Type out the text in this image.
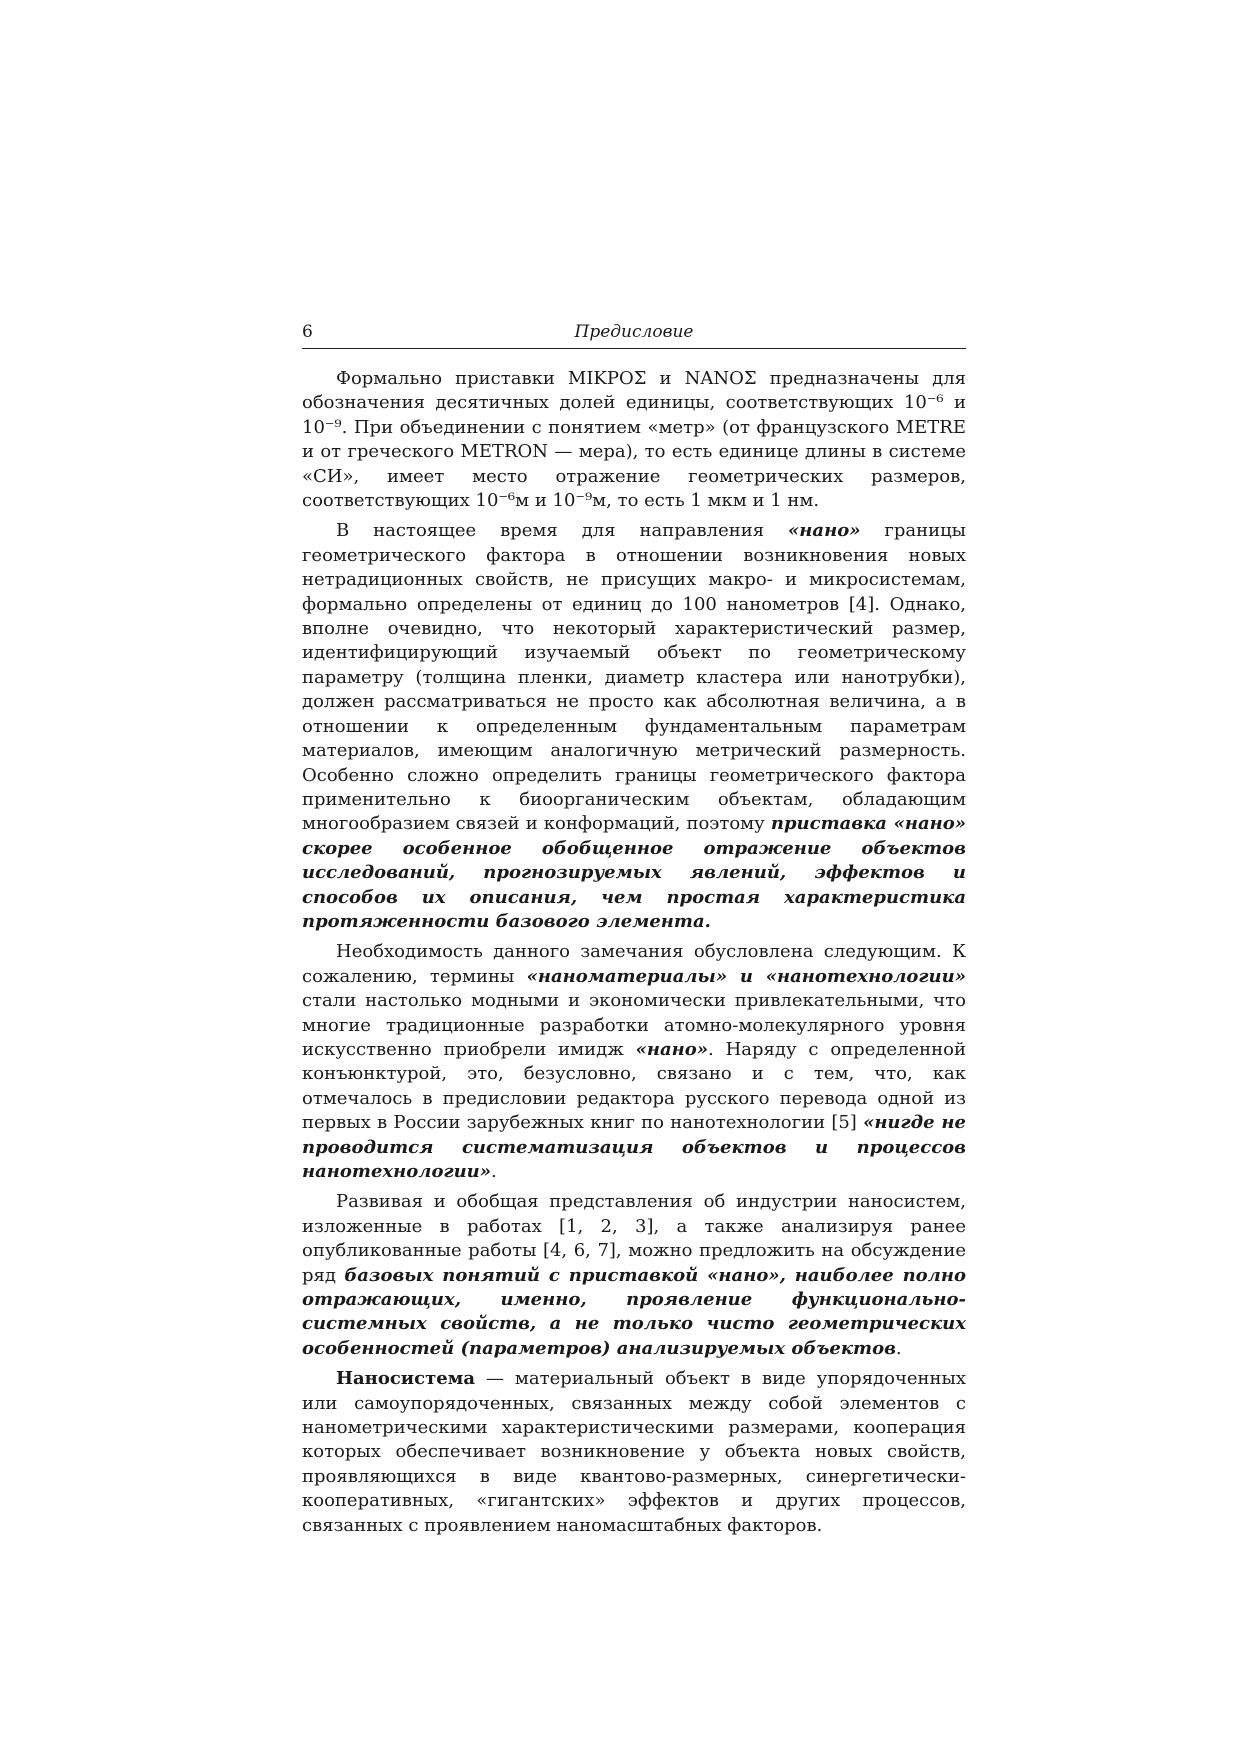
6	Предисловие

Формально приставки ΜΙΚΡΟΣ и ΝΑΝΟΣ предназначены для обозначения десятичных долей единицы, соответствующих 10⁻⁶ и 10⁻⁹. При объединении с понятием «метр» (от французского METRE и от греческого METRON — мера), то есть единице длины в системе «СИ», имеет место отражение геометрических размеров, соответствующих 10⁻⁶м и 10⁻⁹м, то есть 1 мкм и 1 нм.

В настоящее время для направления «нано» границы геометрического фактора в отношении возникновения новых нетрадиционных свойств, не присущих макро- и микросистемам, формально определены от единиц до 100 нанометров [4]. Однако, вполне очевидно, что некоторый характеристический размер, идентифицирующий изучаемый объект по геометрическому параметру (толщина пленки, диаметр кластера или нанотрубки), должен рассматриваться не просто как абсолютная величина, а в отношении к определенным фундаментальным параметрам материалов, имеющим аналогичную метрический размерность. Особенно сложно определить границы геометрического фактора применительно к биоорганическим объектам, обладающим многообразием связей и конформаций, поэтому приставка «нано» скорее особенное обобщенное отражение объектов исследований, прогнозируемых явлений, эффектов и способов их описания, чем простая характеристика протяженности базового элемента.

Необходимость данного замечания обусловлена следующим. К сожалению, термины «наноматериалы» и «нанотехнологии» стали настолько модными и экономически привлекательными, что многие традиционные разработки атомно-молекулярного уровня искусственно приобрели имидж «нано». Наряду с определенной конъюнктурой, это, безусловно, связано и с тем, что, как отмечалось в предисловии редактора русского перевода одной из первых в России зарубежных книг по нанотехнологии [5] «нигде не проводится систематизация объектов и процессов нанотехнологии».

Развивая и обобщая представления об индустрии наносистем, изложенные в работах [1, 2, 3], а также анализируя ранее опубликованные работы [4, 6, 7], можно предложить на обсуждение ряд базовых понятий с приставкой «нано», наиболее полно отражающих, именно, проявление функционально-системных свойств, а не только чисто геометрических особенностей (параметров) анализируемых объектов.

Наносистема — материальный объект в виде упорядоченных или самоупорядоченных, связанных между собой элементов с нанометрическими характеристическими размерами, кооперация которых обеспечивает возникновение у объекта новых свойств, проявляющихся в виде квантово-размерных, синергетически-кооперативных, «гигантских» эффектов и других процессов, связанных с проявлением наномасштабных факторов.
